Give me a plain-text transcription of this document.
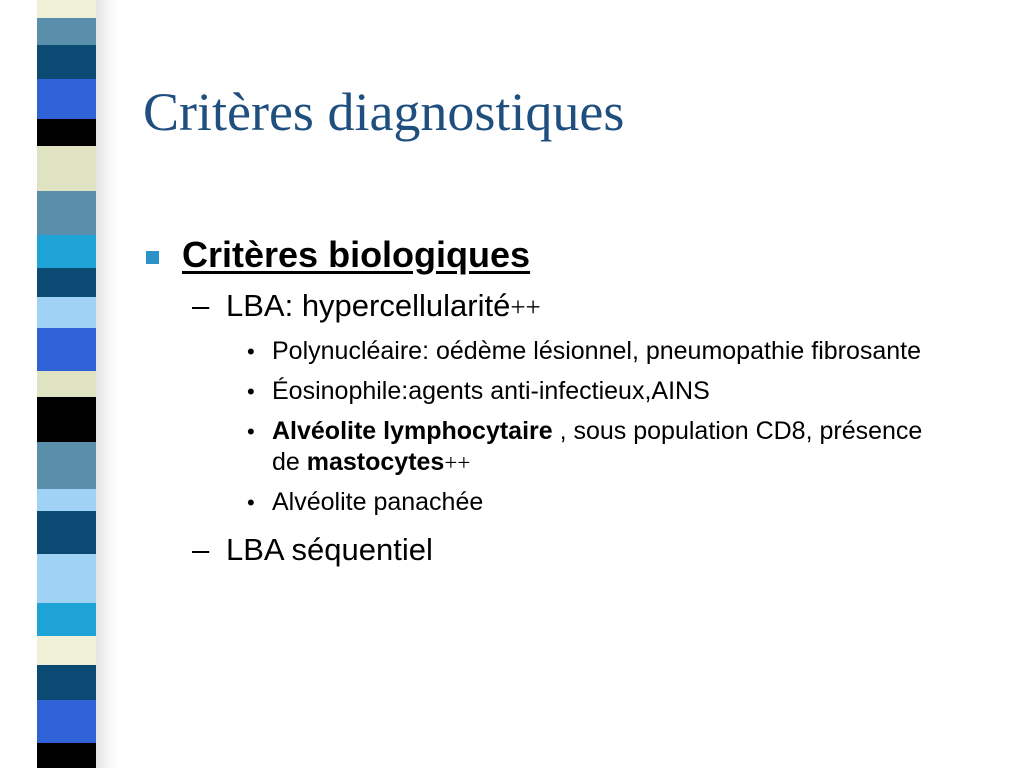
Critères diagnostiques
Critères biologiques
– LBA: hypercellularité++
• Polynucléaire: oédème lésionnel, pneumopathie fibrosante
• Éosinophile:agents anti-infectieux,AINS
• Alvéolite lymphocytaire , sous population CD8, présence de mastocytes++
• Alvéolite panachée
– LBA séquentiel
